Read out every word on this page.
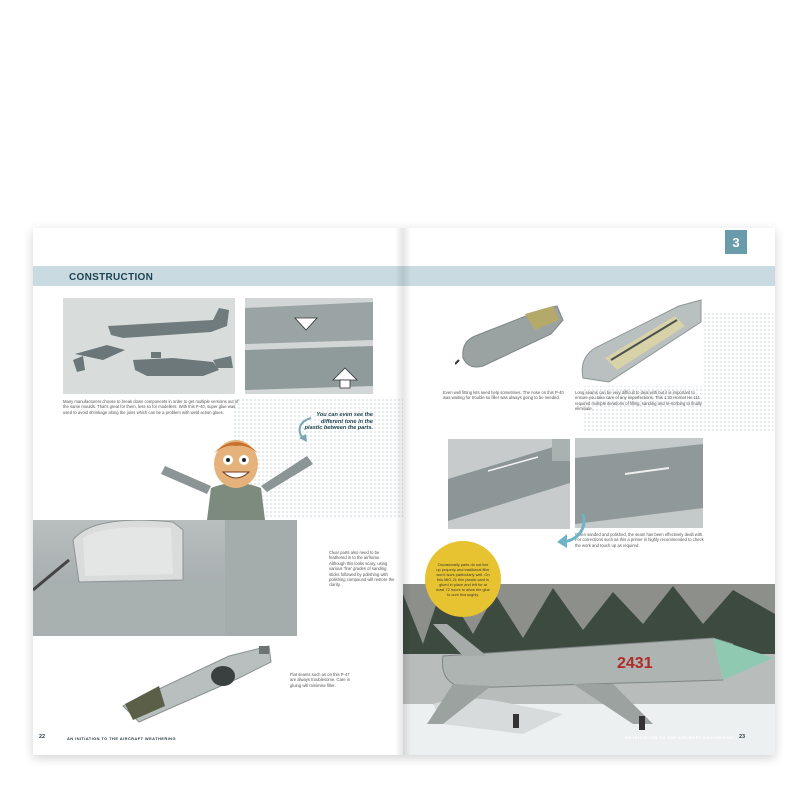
Many manufacturers choose to break down components in order to get multiple versions out of the same moulds. That's great for them, less so for modellers. With this P-40, super glue was used to avoid shrinkage along the joins which can be a problem with weld action glues.	You can even see the different tone in the plastic between the parts.
Clear parts also need to be feathered in to the airframe. Although this looks scary, using various 'fine' grades of sanding sticks followed by polishing with polishing compound will restore the clarity.
Flat seams such as on this P-47 are always troublesome. Care in gluing will minimise filler.
22	AN INITIATION TO THE AIRCRAFT WEATHERING
3
Even well fitting kits need help sometimes. The nose on this P-40 was waiting for trouble so filler was always going to be needed.
Long seams can be very difficult to deal with but it is important to ensure you take care of any imperfections. This 1:32 Hornet He 111 required multiple iterations of filling, sanding and re-scribing to finally eliminate.
When sanded and polished, the seam has been effectively dealt with. For corrections such as this a primer is highly recommended to check the work and touch up as required.
2431
23
AN INITIATION TO THE AIRCRAFT WEATHERING
CONSTRUCTION
Occasionally parts do not line up properly and traditional filler won't work particularly well. On this MiG-21 thin plastic card is glued in place and left for at least 72 hours to allow the glue to cure thoroughly.
